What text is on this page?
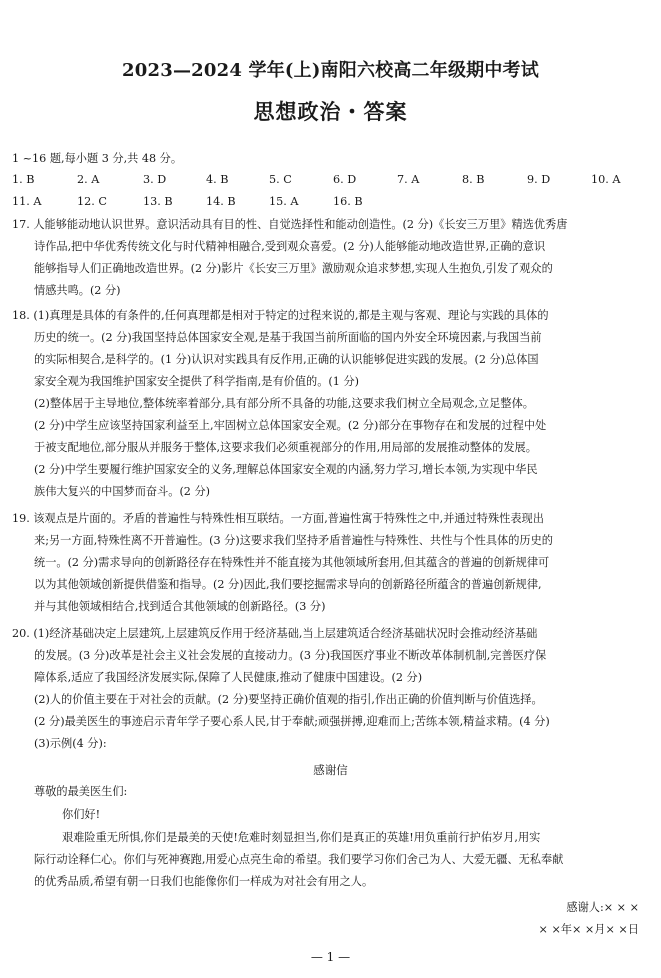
2023—2024 学年(上)南阳六校高二年级期中考试
思想政治・答案
1 ~16 题,每小题 3 分,共 48 分。
1. B	2. A	3. D	4. B	5. C	6. D	7. A	8. B	9. D	10. A
11. A	12. C	13. B	14. B	15. A	16. B
17. 人能够能动地认识世界。意识活动具有目的性、自觉选择性和能动创造性。(2 分)《长安三万里》精选优秀唐
诗作品,把中华优秀传统文化与时代精神相融合,受到观众喜爱。(2 分)人能够能动地改造世界,正确的意识
能够指导人们正确地改造世界。(2 分)影片《长安三万里》激励观众追求梦想,实现人生抱负,引发了观众的
情感共鸣。(2 分)
18. (1)真理是具体的有条件的,任何真理都是相对于特定的过程来说的,都是主观与客观、理论与实践的具体的
历史的统一。(2 分)我国坚持总体国家安全观,是基于我国当前所面临的国内外安全环境因素,与我国当前
的实际相契合,是科学的。(1 分)认识对实践具有反作用,正确的认识能够促进实践的发展。(2 分)总体国
家安全观为我国维护国家安全提供了科学指南,是有价值的。(1 分)
(2)整体居于主导地位,整体统率着部分,具有部分所不具备的功能,这要求我们树立全局观念,立足整体。
(2 分)中学生应该坚持国家利益至上,牢固树立总体国家安全观。(2 分)部分在事物存在和发展的过程中处
于被支配地位,部分服从并服务于整体,这要求我们必须重视部分的作用,用局部的发展推动整体的发展。
(2 分)中学生要履行维护国家安全的义务,理解总体国家安全观的内涵,努力学习,增长本领,为实现中华民
族伟大复兴的中国梦而奋斗。(2 分)
19. 该观点是片面的。矛盾的普遍性与特殊性相互联结。一方面,普遍性寓于特殊性之中,并通过特殊性表现出
来;另一方面,特殊性离不开普遍性。(3 分)这要求我们坚持矛盾普遍性与特殊性、共性与个性具体的历史的
统一。(2 分)需求导向的创新路径存在特殊性并不能直接为其他领域所套用,但其蕴含的普遍的创新规律可
以为其他领域创新提供借鉴和指导。(2 分)因此,我们要挖掘需求导向的创新路径所蕴含的普遍创新规律,
并与其他领域相结合,找到适合其他领域的创新路径。(3 分)
20. (1)经济基础决定上层建筑,上层建筑反作用于经济基础,当上层建筑适合经济基础状况时会推动经济基础
的发展。(3 分)改革是社会主义社会发展的直接动力。(3 分)我国医疗事业不断改革体制机制,完善医疗保
障体系,适应了我国经济发展实际,保障了人民健康,推动了健康中国建设。(2 分)
(2)人的价值主要在于对社会的贡献。(2 分)要坚持正确价值观的指引,作出正确的价值判断与价值选择。
(2 分)最美医生的事迹启示青年学子要心系人民,甘于奉献;顽强拼搏,迎难而上;苦练本领,精益求精。(4 分)
(3)示例(4 分):
感谢信
尊敬的最美医生们:
你们好!
艰难险重无所惧,你们是最美的天使!危难时刻显担当,你们是真正的英雄!用负重前行护佑岁月,用实
际行动诠释仁心。你们与死神赛跑,用爱心点亮生命的希望。我们要学习你们舍己为人、大爱无疆、无私奉献
的优秀品质,希望有朝一日我们也能像你们一样成为对社会有用之人。
感谢人:× × ×
× ×年× ×月× ×日
— 1 —
